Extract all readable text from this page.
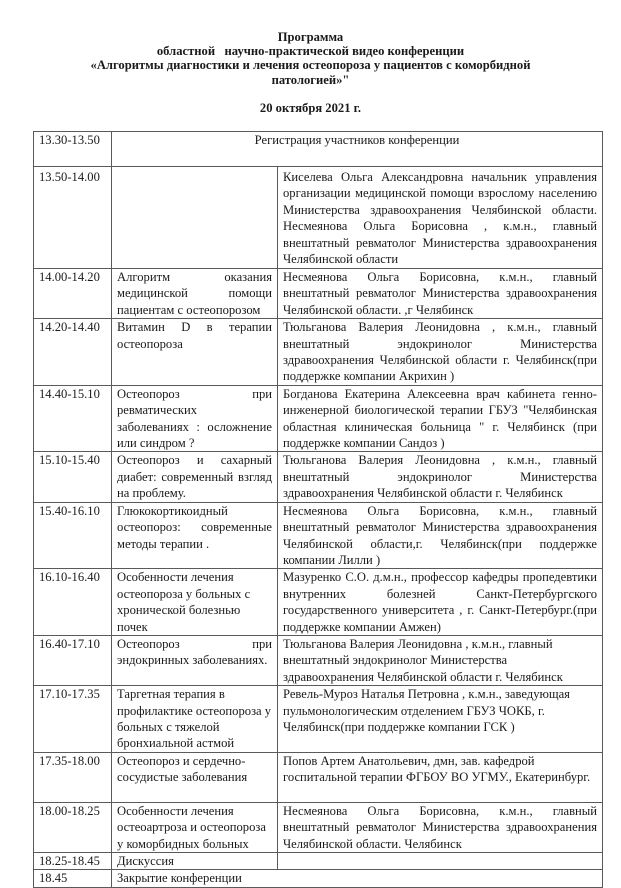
Программа
областной   научно-практической видео конференции
«Алгоритмы диагностики и лечения остеопороза у пациентов с коморбидной патологией»"
20 октября 2021 г.
13.30-13.50	Регистрация участников конференции	
13.50-14.00		Киселева Ольга Александровна начальник управления организации медицинской помощи взрослому населению Министерства здравоохранения Челябинской области. Несмеянова Ольга Борисовна , к.м.н., главный внештатный ревматолог Министерства здравоохранения Челябинской области
14.00-14.20	Алгоритм оказания медицинской помощи пациентам с остеопорозом	Несмеянова Ольга Борисовна, к.м.н., главный внештатный ревматолог Министерства здравоохранения Челябинской области. ,г Челябинск
14.20-14.40	Витамин D в терапии остеопороза	Тюльганова Валерия Леонидовна , к.м.н., главный внештатный эндокринолог Министерства здравоохранения Челябинской области г. Челябинск(при поддержке компании Акрихин )
14.40-15.10	Остеопороз при ревматических заболеваниях : осложнение или синдром ?	Богданова Екатерина Алексеевна врач кабинета генно-инженерной биологической терапии ГБУЗ "Челябинская областная клиническая больница " г. Челябинск (при поддержке компании Сандоз )
15.10-15.40	Остеопороз и сахарный диабет: современный взгляд на проблему.	Тюльганова Валерия Леонидовна , к.м.н., главный внештатный эндокринолог Министерства здравоохранения Челябинской области г. Челябинск
15.40-16.10	Глюкокортикоидный остеопороз: современные методы терапии .	Несмеянова Ольга Борисовна, к.м.н., главный внештатный ревматолог Министерства здравоохранения Челябинской области,г. Челябинск(при поддержке компании Лилли )
16.10-16.40	Особенности лечения остеопороза у больных с хронической болезнью почек	Мазуренко С.О. д.м.н., профессор кафедры пропедевтики внутренних болезней Санкт-Петербургского государственного университета , г. Санкт-Петербург.(при поддержке компании Амжен)
16.40-17.10	Остеопороз при эндокринных заболеваниях.	Тюльганова Валерия Леонидовна , к.м.н., главный внештатный эндокринолог Министерства здравоохранения Челябинской области г. Челябинск
17.10-17.35	Таргетная терапия в профилактике остеопороза у больных с тяжелой бронхиальной астмой	Ревель-Муроз Наталья Петровна , к.м.н., заведующая пульмонологическим отделением ГБУЗ ЧОКБ, г. Челябинск(при поддержке компании ГСК )
17.35-18.00	Остеопороз и сердечно-сосудистые заболевания	Попов Артем Анатольевич, дмн, зав. кафедрой госпитальной терапии ФГБОУ ВО УГМУ., Екатеринбург.
18.00-18.25	Особенности лечения остеоартроза и остеопороза у коморбидных больных	Несмеянова Ольга Борисовна, к.м.н., главный внештатный ревматолог Министерства здравоохранения Челябинской области. Челябинск
18.25-18.45	Дискуссия	
18.45	Закрытие конференции	
